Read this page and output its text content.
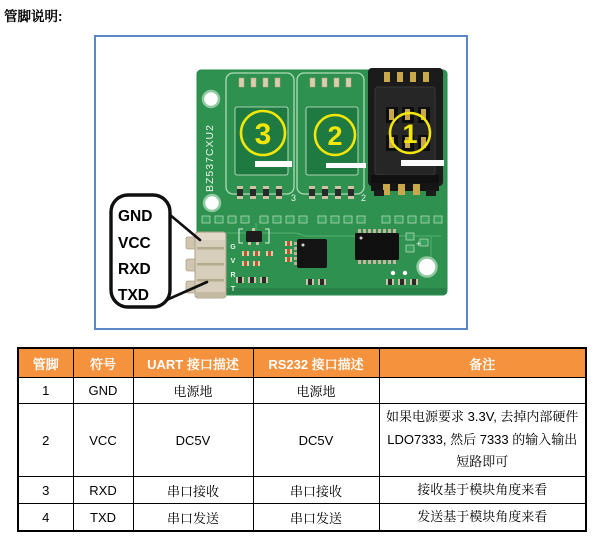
管脚说明:
3 2 1
BZ537CXU2
3	2
+
G
V
R
T
GND
VCC
RXD
TXD
管脚	符号	UART 接口描述	RS232 接口描述	备注
1	GND	电源地	电源地	
2	VCC	DC5V	DC5V	如果电源要求 3.3V, 去掉内部硬件 LDO7333, 然后 7333 的输入输出短路即可
3	RXD	串口接收	串口接收	接收基于模块角度来看
4	TXD	串口发送	串口发送	发送基于模块角度来看
